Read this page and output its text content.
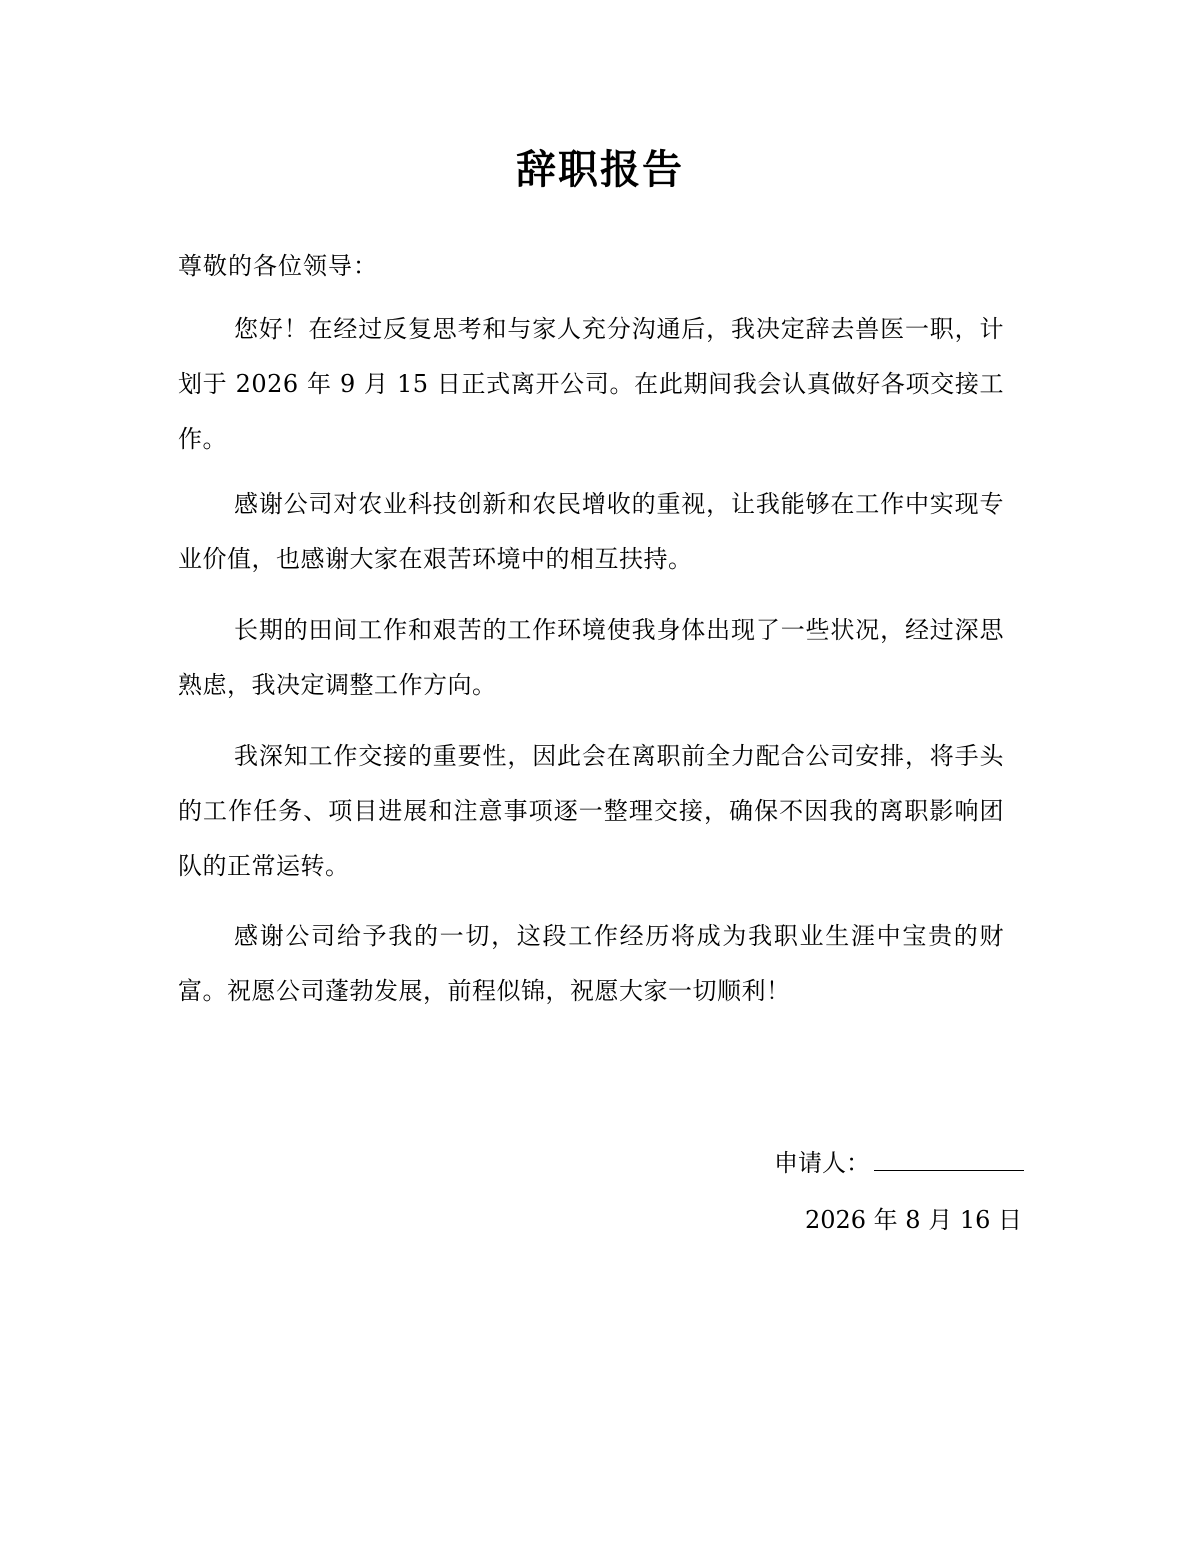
辞职报告
尊敬的各位领导：

您好！在经过反复思考和与家人充分沟通后，我决定辞去兽医一职，计划于 2026 年 9 月 15 日正式离开公司。在此期间我会认真做好各项交接工作。

感谢公司对农业科技创新和农民增收的重视，让我能够在工作中实现专业价值，也感谢大家在艰苦环境中的相互扶持。

长期的田间工作和艰苦的工作环境使我身体出现了一些状况，经过深思熟虑，我决定调整工作方向。

我深知工作交接的重要性，因此会在离职前全力配合公司安排，将手头的工作任务、项目进展和注意事项逐一整理交接，确保不因我的离职影响团队的正常运转。

感谢公司给予我的一切，这段工作经历将成为我职业生涯中宝贵的财富。祝愿公司蓬勃发展，前程似锦，祝愿大家一切顺利！

申请人：
2026 年 8 月 16 日
